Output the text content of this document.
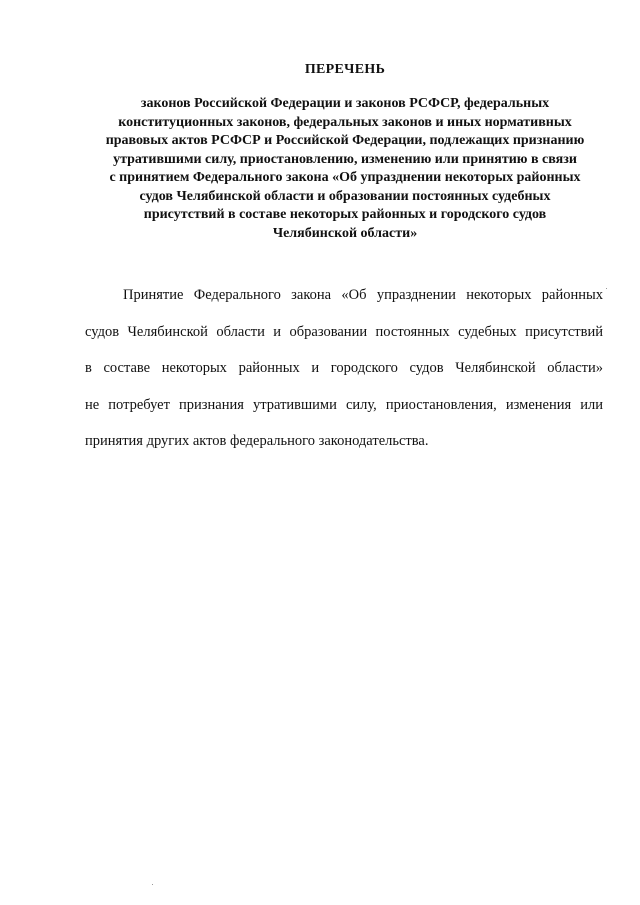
ПЕРЕЧЕНЬ
законов Российской Федерации и законов РСФСР, федеральных
конституционных законов, федеральных законов и иных нормативных
правовых актов РСФСР и Российской Федерации, подлежащих признанию
утратившими силу, приостановлению, изменению или принятию в связи
с принятием Федерального закона «Об упразднении некоторых районных
судов Челябинской области и образовании постоянных судебных
присутствий в составе некоторых районных и городского судов
Челябинской области»
Принятие Федерального закона «Об упразднении некоторых районных
судов Челябинской области и образовании постоянных судебных присутствий
в составе некоторых районных и городского судов Челябинской области»
не потребует признания утратившими силу, приостановления, изменения или
принятия других актов федерального законодательства.
